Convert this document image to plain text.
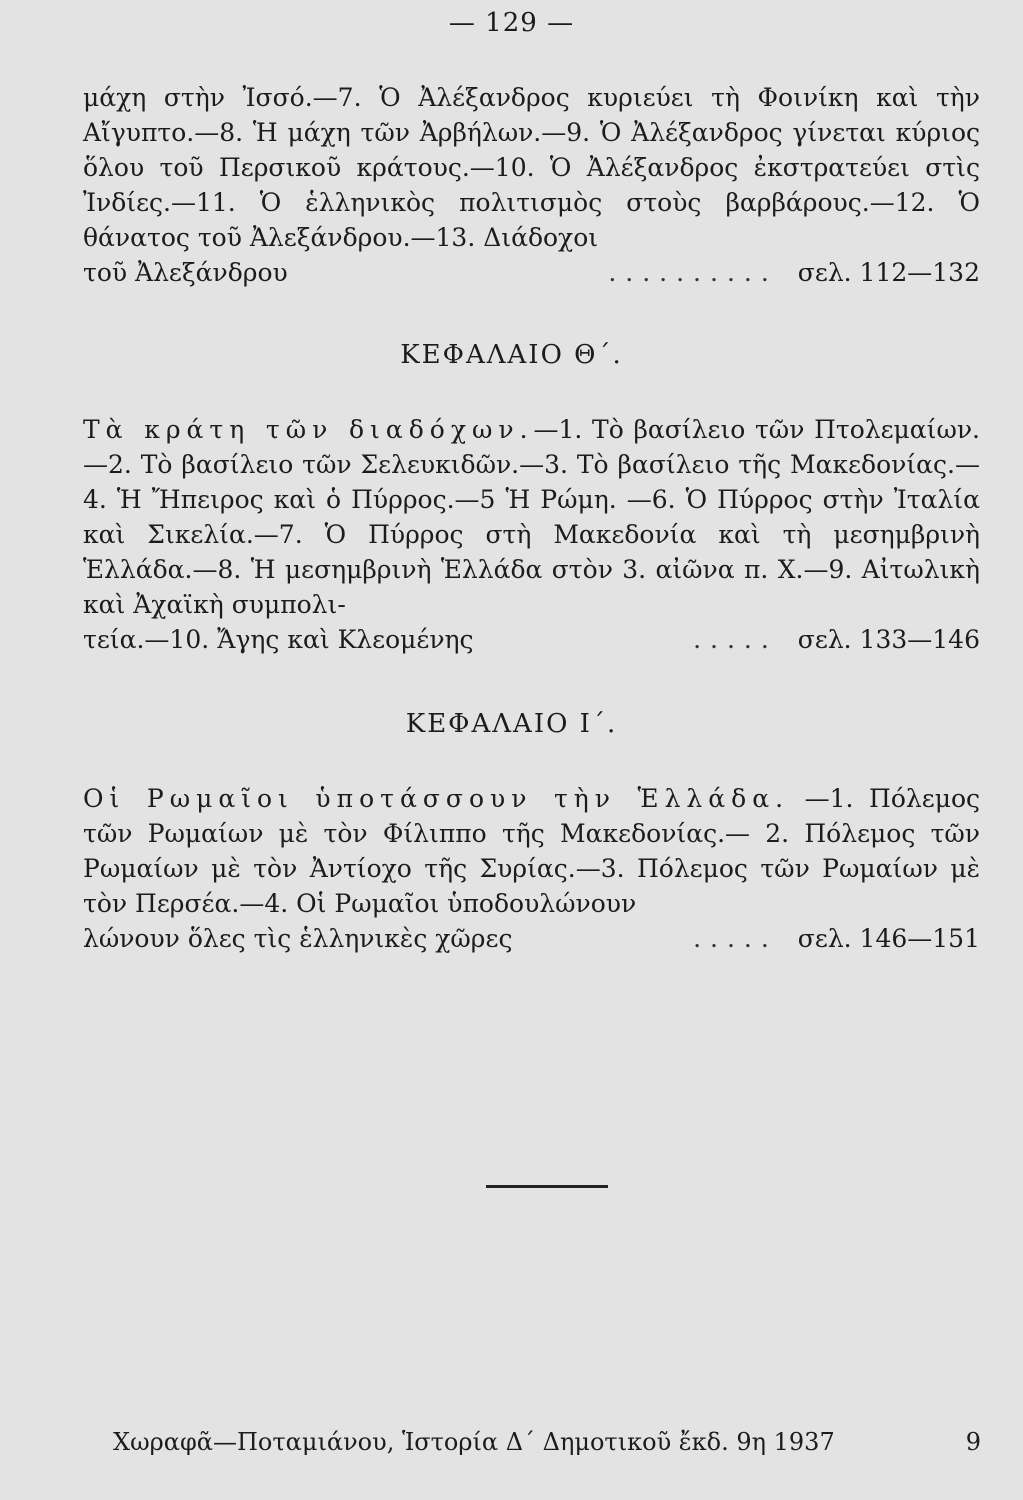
— 129 —

μάχη στὴν Ἰσσό.—7. Ὁ Ἀλέξανδρος κυριεύει τὴ Φοινίκη καὶ τὴν Αἴγυπτο.—8. Ἡ μάχη τῶν Ἀρβήλων.—9. Ὁ Ἀλέξανδρος γίνεται κύριος ὅλου τοῦ Περσικοῦ κράτους.—10. Ὁ Ἀλέξανδρος ἐκστρατεύει στὶς Ἰνδίες.—11. Ὁ ἑλληνικὸς πολιτισμὸς στοὺς βαρβάρους.—12. Ὁ θάνατος τοῦ Ἀλεξάνδρου.—13. Διάδοχοι

τοῦ Ἀλεξάνδρου	.......... σελ. 112—132
ΚΕΦΑΛΑΙΟ Θ΄.

Τὰ κράτη τῶν διαδόχων.—1. Τὸ βασίλειο τῶν Πτολεμαίων.—2. Τὸ βασίλειο τῶν Σελευκιδῶν.—3. Τὸ βασίλειο τῆς Μακεδονίας.—4. Ἡ Ἤπειρος καὶ ὁ Πύρρος.—5 Ἡ Ρώμη. —6. Ὁ Πύρρος στὴν Ἰταλία καὶ Σικελία.—7. Ὁ Πύρρος στὴ Μακεδονία καὶ τὴ μεσημβρινὴ Ἑλλάδα.—8. Ἡ μεσημβρινὴ Ἑλλάδα στὸν 3. αἰῶνα π. Χ.—9. Αἰτωλικὴ καὶ Ἀχαϊκὴ συμπολι-

τεία.—10. Ἄγης καὶ Κλεομένης	..... σελ. 133—146
ΚΕΦΑΛΑΙΟ Ι΄.

Οἱ Ρωμαῖοι ὑποτάσσουν τὴν Ἑλλάδα. —1. Πόλεμος τῶν Ρωμαίων μὲ τὸν Φίλιππο τῆς Μακεδονίας.— 2. Πόλεμος τῶν Ρωμαίων μὲ τὸν Ἀντίοχο τῆς Συρίας.—3. Πόλεμος τῶν Ρωμαίων μὲ τὸν Περσέα.—4. Οἱ Ρωμαῖοι ὑποδουλώνουν

λώνουν ὅλες τὶς ἑλληνικὲς χῶρες	..... σελ. 146—151
Χωραφᾶ—Ποταμιάνου, Ἱστορία Δ΄ Δημοτικοῦ ἔκδ. 9η 1937	9
